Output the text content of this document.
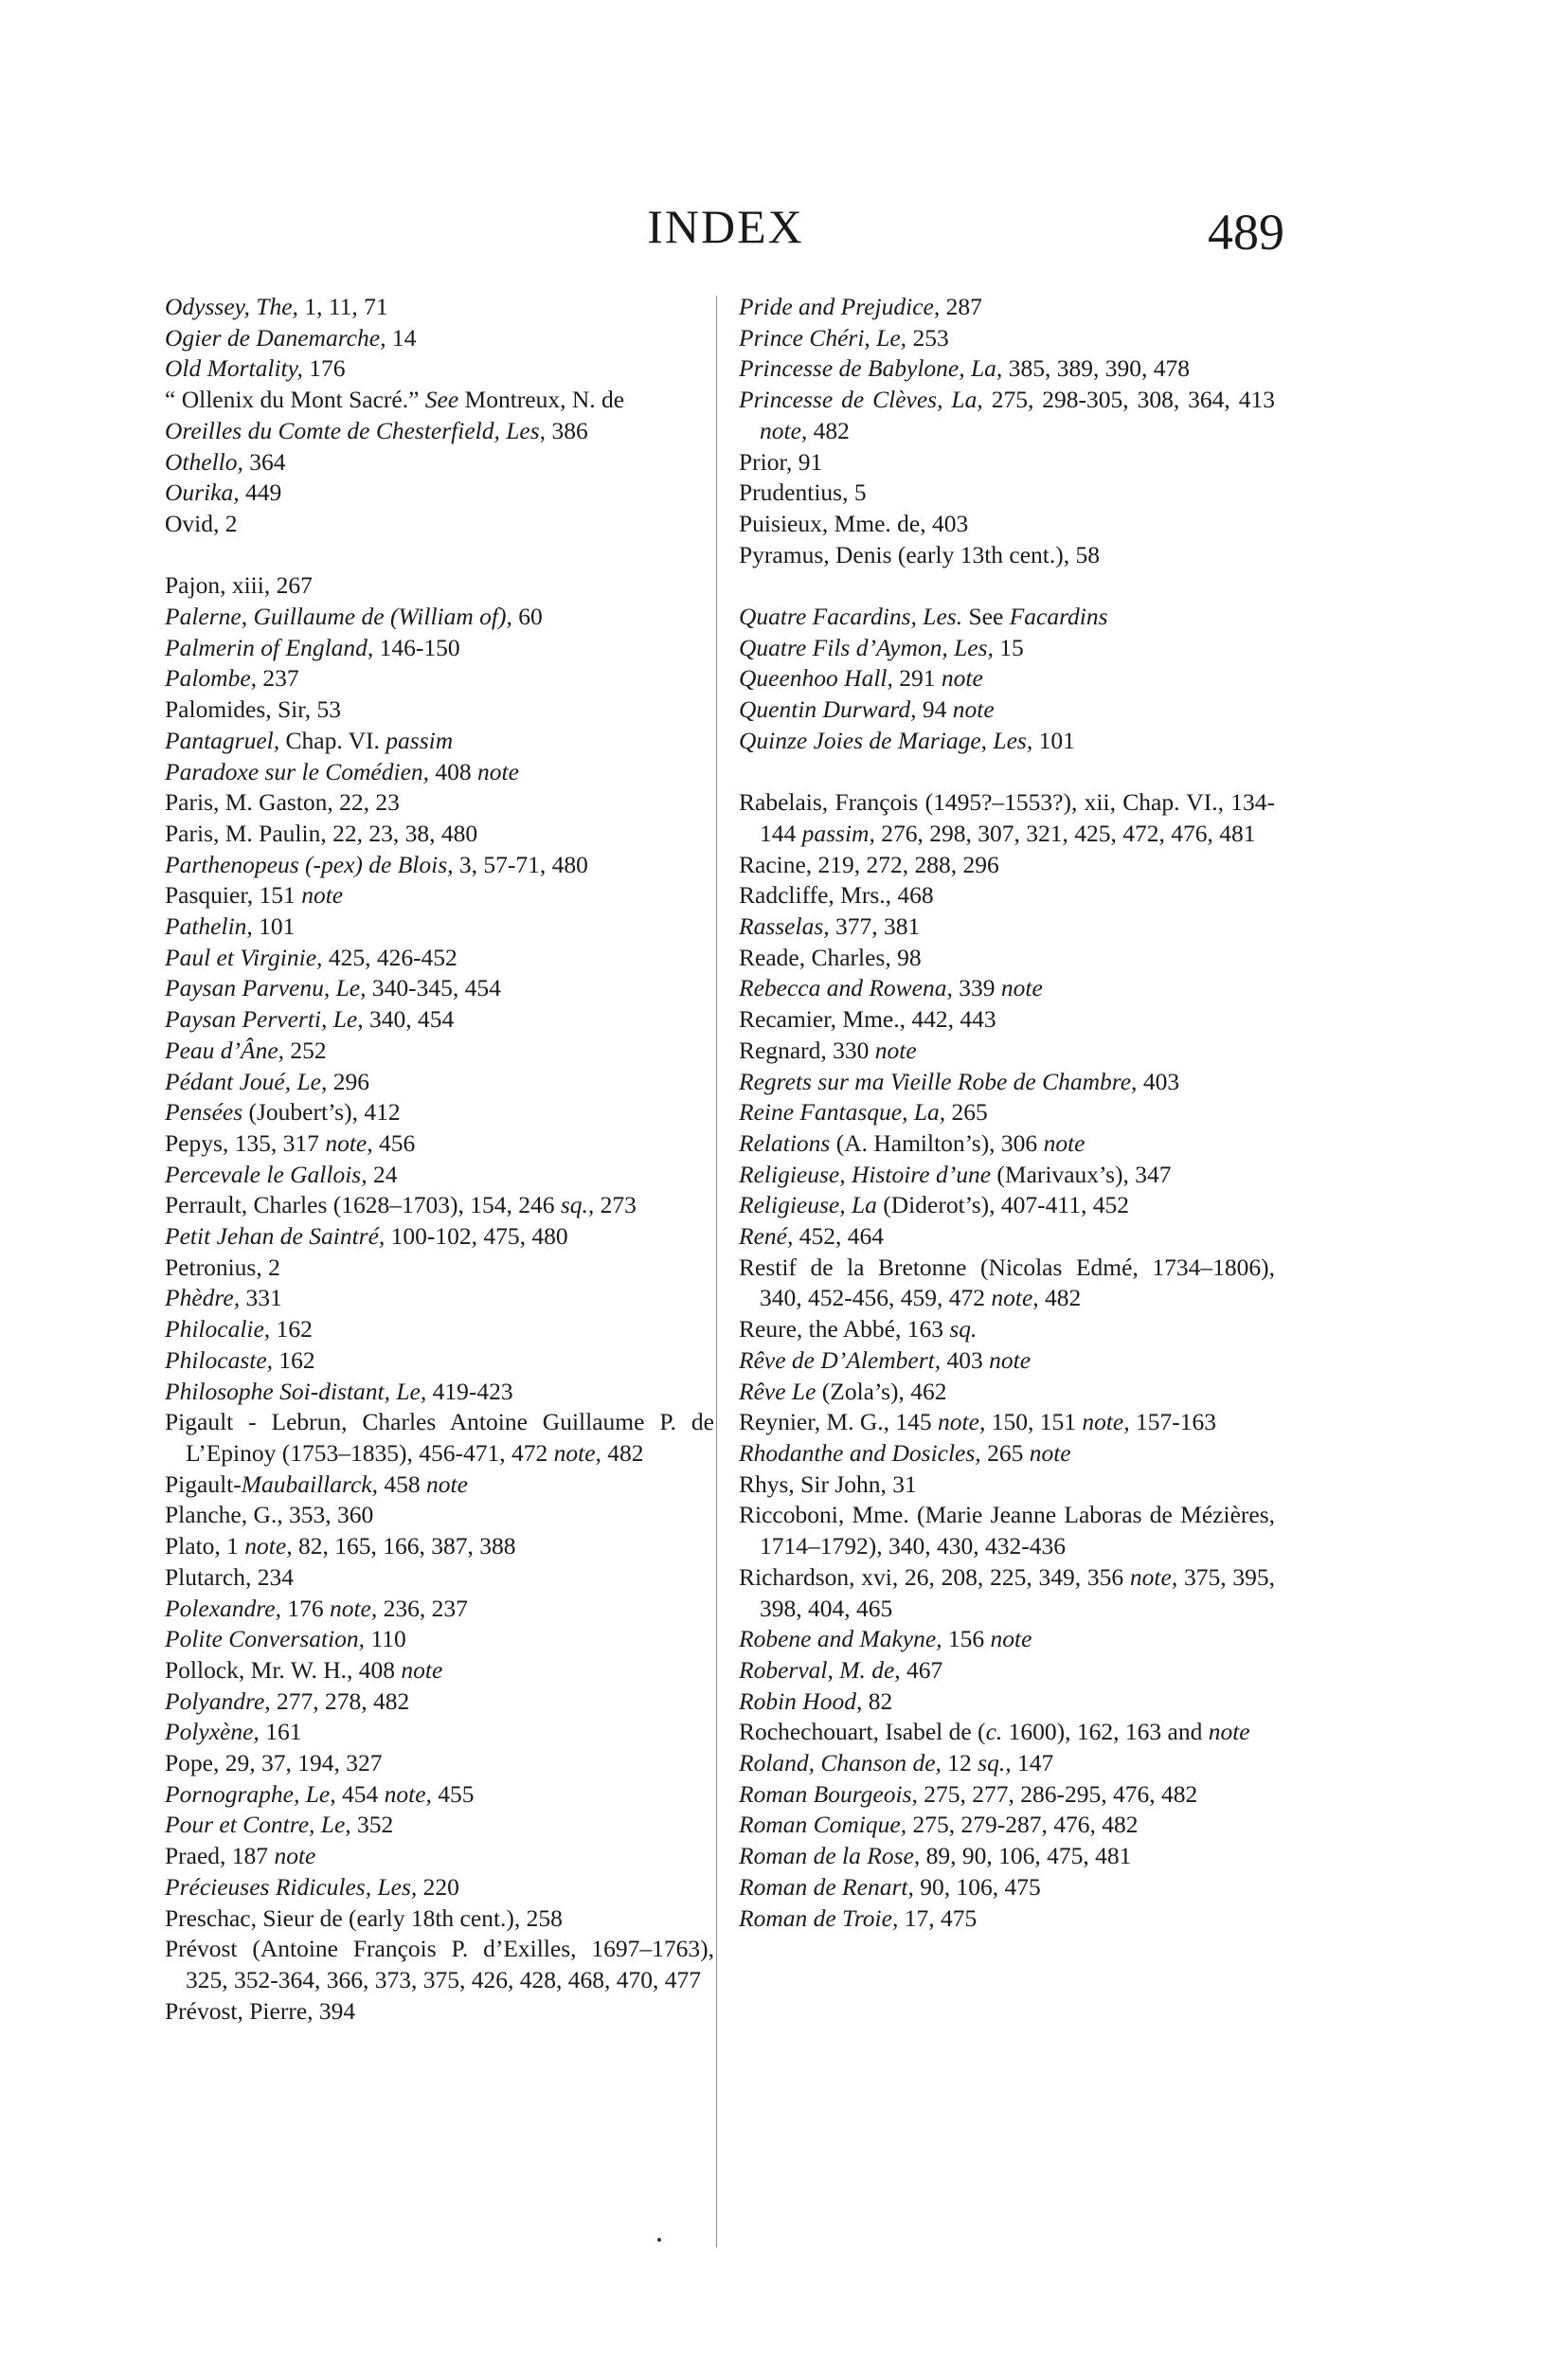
INDEX	489

Odyssey, The, 1, 11, 71

Ogier de Danemarche, 14

Old Mortality, 176

“ Ollenix du Mont Sacré.” See Montreux, N. de

Oreilles du Comte de Chesterfield, Les, 386

Othello, 364

Ourika, 449

Ovid, 2

Pajon, xiii, 267

Palerne, Guillaume de (William of), 60

Palmerin of England, 146-150

Palombe, 237

Palomides, Sir, 53

Pantagruel, Chap. VI. passim

Paradoxe sur le Comédien, 408 note

Paris, M. Gaston, 22, 23

Paris, M. Paulin, 22, 23, 38, 480

Parthenopeus (-pex) de Blois, 3, 57-71, 480

Pasquier, 151 note

Pathelin, 101

Paul et Virginie, 425, 426-452

Paysan Parvenu, Le, 340-345, 454

Paysan Perverti, Le, 340, 454

Peau d’Âne, 252

Pédant Joué, Le, 296

Pensées (Joubert’s), 412

Pepys, 135, 317 note, 456

Percevale le Gallois, 24

Perrault, Charles (1628–1703), 154, 246 sq., 273

Petit Jehan de Saintré, 100-102, 475, 480

Petronius, 2

Phèdre, 331

Philocalie, 162

Philocaste, 162

Philosophe Soi-distant, Le, 419-423

Pigault - Lebrun, Charles Antoine Guillaume P. de L’Epinoy (1753–1835), 456-471, 472 note, 482

Pigault-Maubaillarck, 458 note

Planche, G., 353, 360

Plato, 1 note, 82, 165, 166, 387, 388

Plutarch, 234

Polexandre, 176 note, 236, 237

Polite Conversation, 110

Pollock, Mr. W. H., 408 note

Polyandre, 277, 278, 482

Polyxène, 161

Pope, 29, 37, 194, 327

Pornographe, Le, 454 note, 455

Pour et Contre, Le, 352

Praed, 187 note

Précieuses Ridicules, Les, 220

Preschac, Sieur de (early 18th cent.), 258

Prévost (Antoine François P. d’Exilles, 1697–1763), 325, 352-364, 366, 373, 375, 426, 428, 468, 470, 477

Prévost, Pierre, 394

Pride and Prejudice, 287

Prince Chéri, Le, 253

Princesse de Babylone, La, 385, 389, 390, 478

Princesse de Clèves, La, 275, 298-305, 308, 364, 413 note, 482

Prior, 91

Prudentius, 5

Puisieux, Mme. de, 403

Pyramus, Denis (early 13th cent.), 58

Quatre Facardins, Les. See Facardins

Quatre Fils d’Aymon, Les, 15

Queenhoo Hall, 291 note

Quentin Durward, 94 note

Quinze Joies de Mariage, Les, 101

Rabelais, François (1495?–1553?), xii, Chap. VI., 134-144 passim, 276, 298, 307, 321, 425, 472, 476, 481

Racine, 219, 272, 288, 296

Radcliffe, Mrs., 468

Rasselas, 377, 381

Reade, Charles, 98

Rebecca and Rowena, 339 note

Recamier, Mme., 442, 443

Regnard, 330 note

Regrets sur ma Vieille Robe de Chambre, 403

Reine Fantasque, La, 265

Relations (A. Hamilton’s), 306 note

Religieuse, Histoire d’une (Marivaux’s), 347

Religieuse, La (Diderot’s), 407-411, 452

René, 452, 464

Restif de la Bretonne (Nicolas Edmé, 1734–1806), 340, 452-456, 459, 472 note, 482

Reure, the Abbé, 163 sq.

Rêve de D’Alembert, 403 note

Rêve Le (Zola’s), 462

Reynier, M. G., 145 note, 150, 151 note, 157-163

Rhodanthe and Dosicles, 265 note

Rhys, Sir John, 31

Riccoboni, Mme. (Marie Jeanne Laboras de Mézières, 1714–1792), 340, 430, 432-436

Richardson, xvi, 26, 208, 225, 349, 356 note, 375, 395, 398, 404, 465

Robene and Makyne, 156 note

Roberval, M. de, 467

Robin Hood, 82

Rochechouart, Isabel de (c. 1600), 162, 163 and note

Roland, Chanson de, 12 sq., 147

Roman Bourgeois, 275, 277, 286-295, 476, 482

Roman Comique, 275, 279-287, 476, 482

Roman de la Rose, 89, 90, 106, 475, 481

Roman de Renart, 90, 106, 475

Roman de Troie, 17, 475
